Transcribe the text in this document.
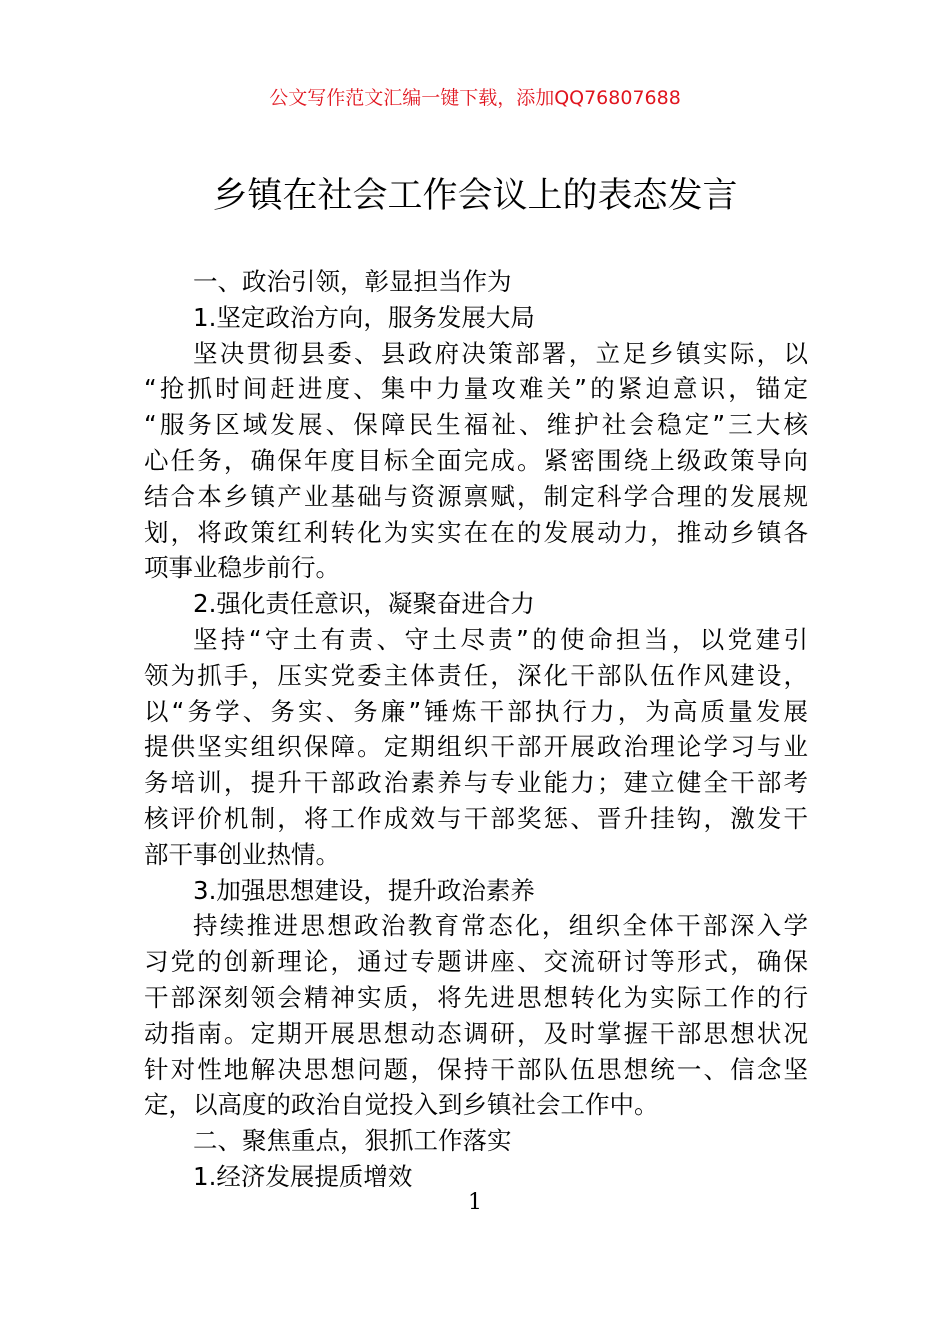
公文写作范文汇编一键下载，添加QQ76807688
乡镇在社会工作会议上的表态发言
一、政治引领，彰显担当作为
1.坚定政治方向，服务发展大局
坚决贯彻县委、县政府决策部署，立足乡镇实际，以
“抢抓时间赶进度、集中力量攻难关”的紧迫意识，锚定
“服务区域发展、保障民生福祉、维护社会稳定”三大核
心任务，确保年度目标全面完成。紧密围绕上级政策导向
结合本乡镇产业基础与资源禀赋，制定科学合理的发展规
划，将政策红利转化为实实在在的发展动力，推动乡镇各
项事业稳步前行。
2.强化责任意识，凝聚奋进合力
坚持“守土有责、守土尽责”的使命担当，以党建引
领为抓手，压实党委主体责任，深化干部队伍作风建设，
以“务学、务实、务廉”锤炼干部执行力，为高质量发展
提供坚实组织保障。定期组织干部开展政治理论学习与业
务培训，提升干部政治素养与专业能力；建立健全干部考
核评价机制，将工作成效与干部奖惩、晋升挂钩，激发干
部干事创业热情。
3.加强思想建设，提升政治素养
持续推进思想政治教育常态化，组织全体干部深入学
习党的创新理论，通过专题讲座、交流研讨等形式，确保
干部深刻领会精神实质，将先进思想转化为实际工作的行
动指南。定期开展思想动态调研，及时掌握干部思想状况
针对性地解决思想问题，保持干部队伍思想统一、信念坚
定，以高度的政治自觉投入到乡镇社会工作中。
二、聚焦重点，狠抓工作落实
1.经济发展提质增效
1
